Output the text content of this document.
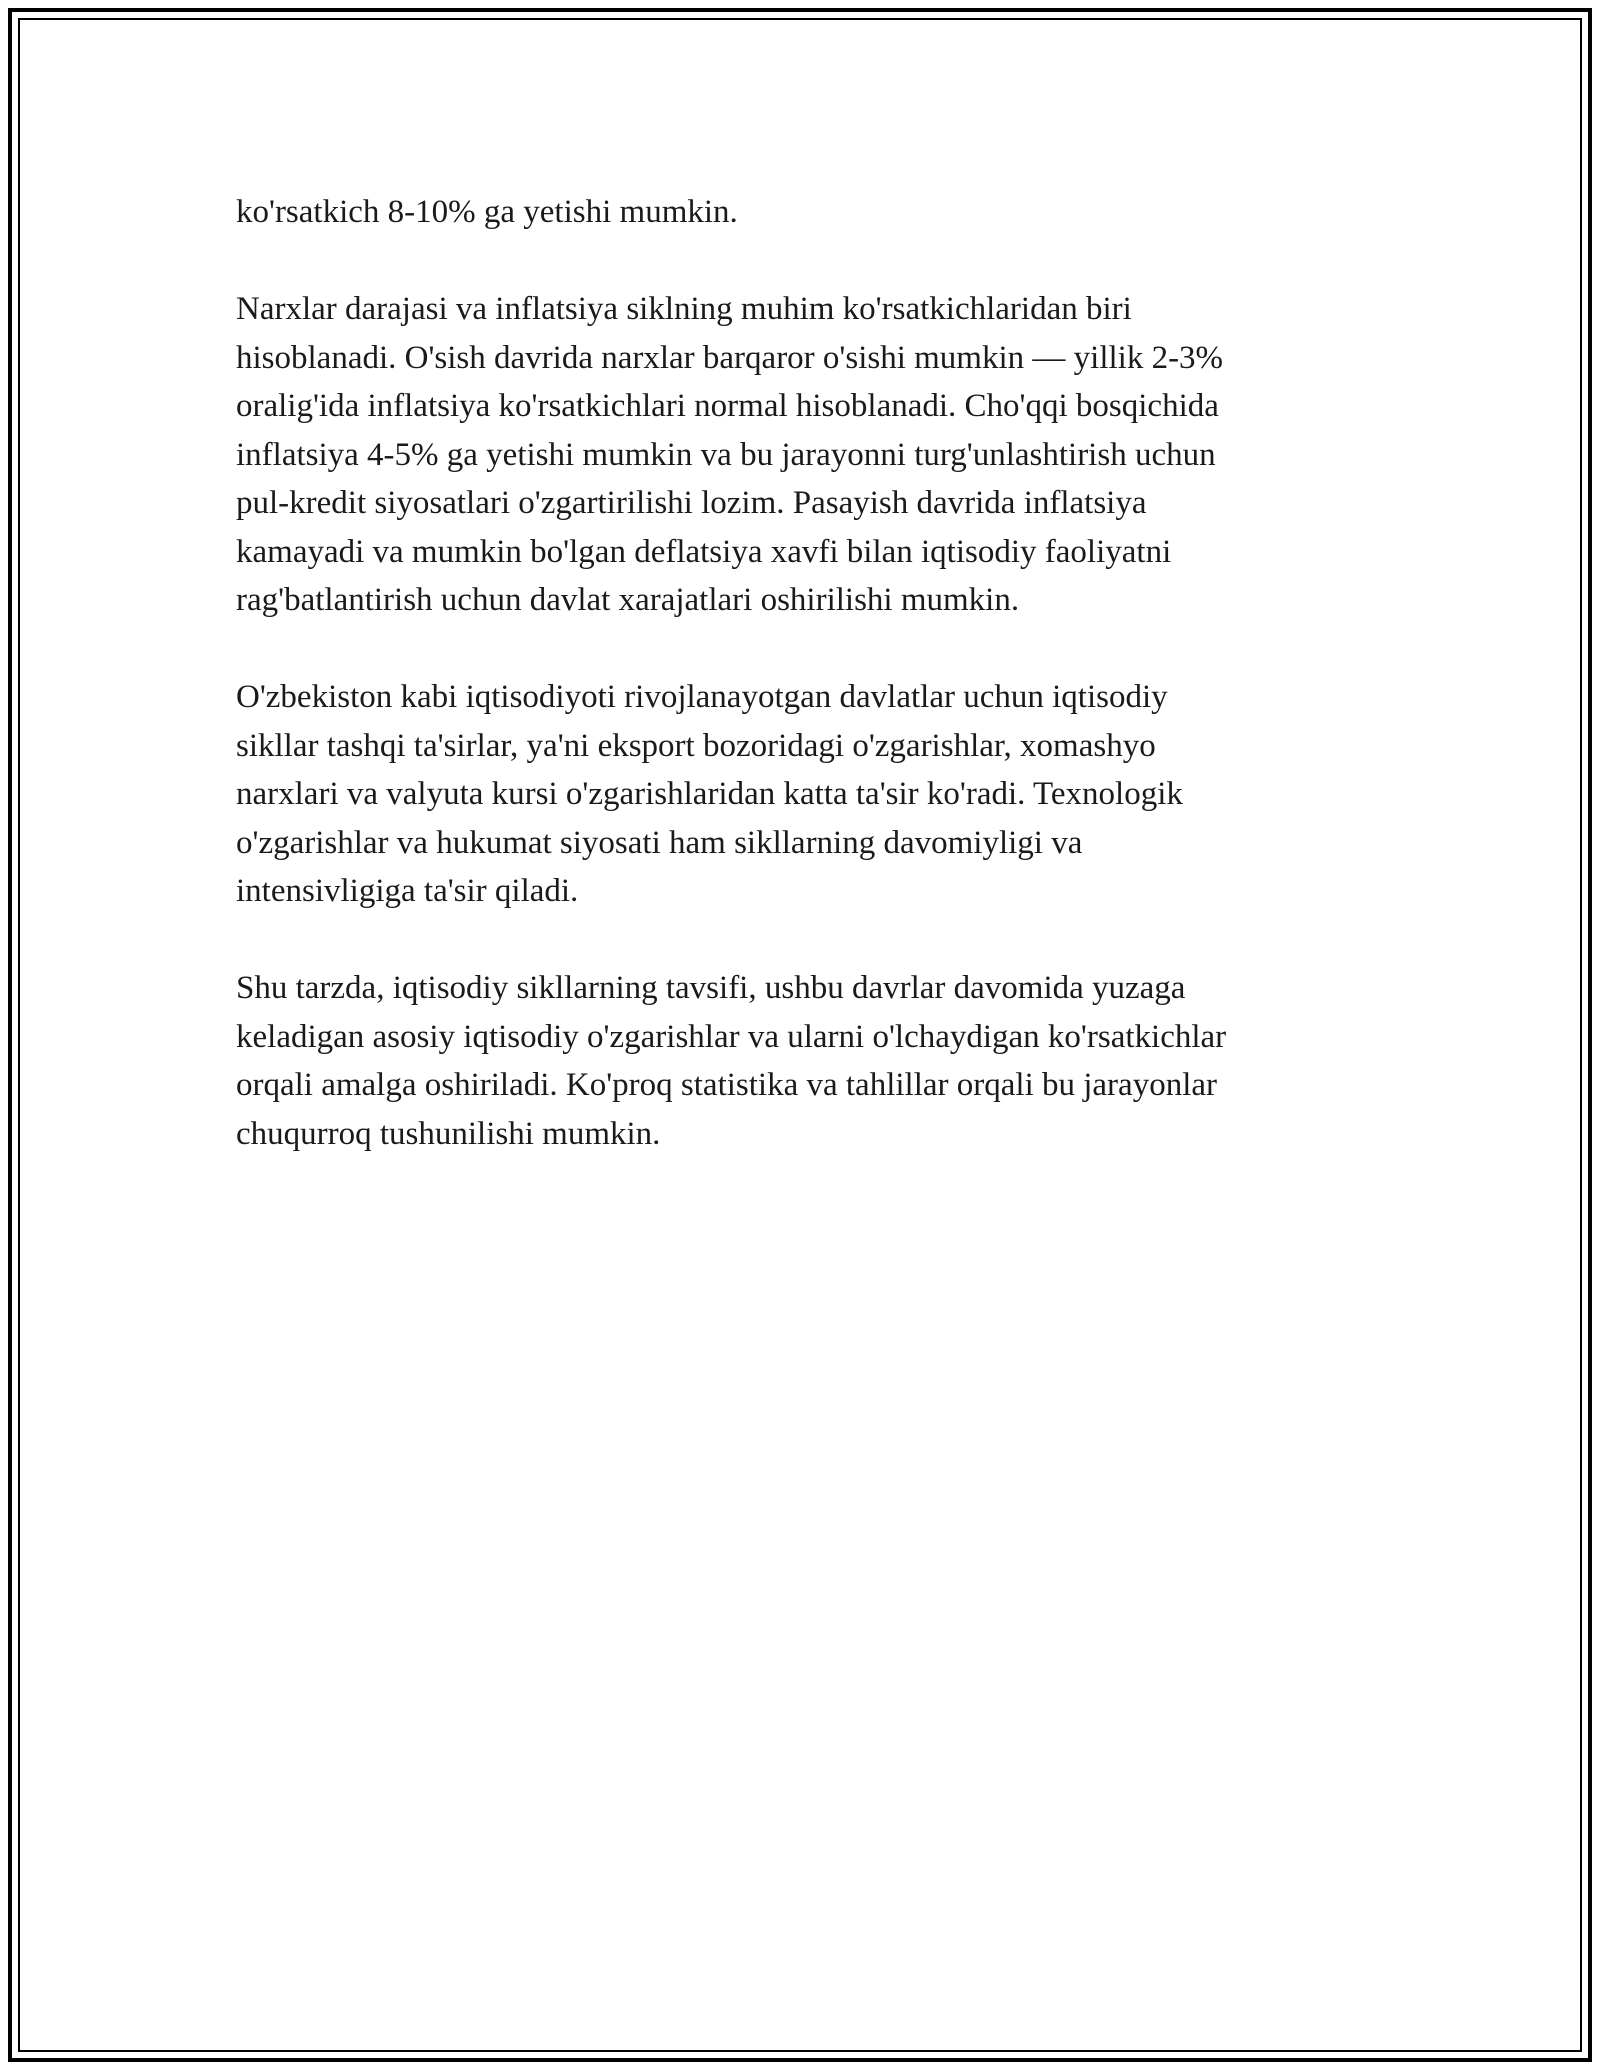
ko'rsatkich 8-10% ga yetishi mumkin.

Narxlar darajasi va inflatsiya siklning muhim ko'rsatkichlaridan biri
hisoblanadi. O'sish davrida narxlar barqaror o'sishi mumkin — yillik 2-3%
oralig'ida inflatsiya ko'rsatkichlari normal hisoblanadi. Cho'qqi bosqichida
inflatsiya 4-5% ga yetishi mumkin va bu jarayonni turg'unlashtirish uchun
pul-kredit siyosatlari o'zgartirilishi lozim. Pasayish davrida inflatsiya
kamayadi va mumkin bo'lgan deflatsiya xavfi bilan iqtisodiy faoliyatni
rag'batlantirish uchun davlat xarajatlari oshirilishi mumkin.

O'zbekiston kabi iqtisodiyoti rivojlanayotgan davlatlar uchun iqtisodiy
sikllar tashqi ta'sirlar, ya'ni eksport bozoridagi o'zgarishlar, xomashyo
narxlari va valyuta kursi o'zgarishlaridan katta ta'sir ko'radi. Texnologik
o'zgarishlar va hukumat siyosati ham sikllarning davomiyligi va
intensivligiga ta'sir qiladi.

Shu tarzda, iqtisodiy sikllarning tavsifi, ushbu davrlar davomida yuzaga
keladigan asosiy iqtisodiy o'zgarishlar va ularni o'lchaydigan ko'rsatkichlar
orqali amalga oshiriladi. Ko'proq statistika va tahlillar orqali bu jarayonlar
chuqurroq tushunilishi mumkin.
